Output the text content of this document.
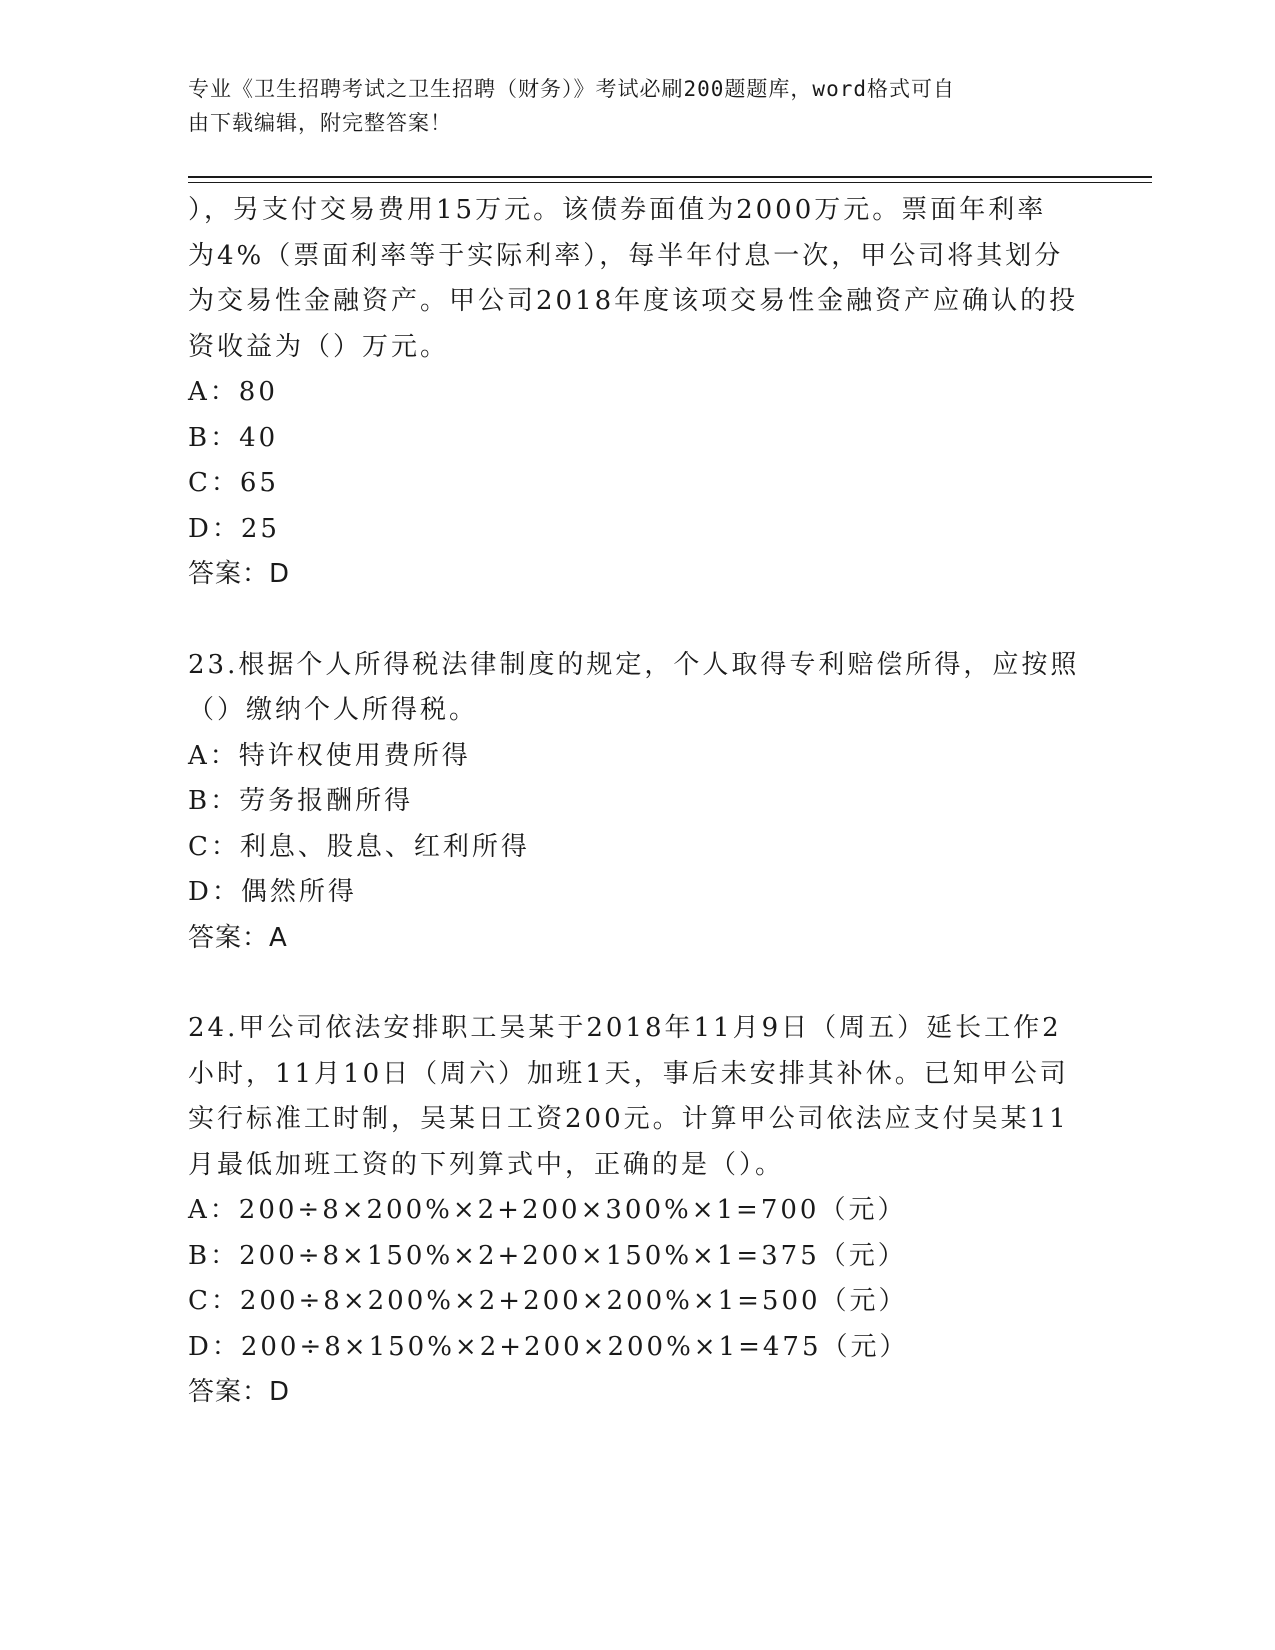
专业《卫生招聘考试之卫生招聘（财务）》考试必刷200题题库，word格式可自
由下载编辑，附完整答案！

），另支付交易费用15万元。该债券面值为2000万元。票面年利率

为4%（票面利率等于实际利率），每半年付息一次，甲公司将其划分

为交易性金融资产。甲公司2018年度该项交易性金融资产应确认的投

资收益为（）万元。

A：80

B：40

C：65

D：25

答案：D

23.根据个人所得税法律制度的规定，个人取得专利赔偿所得，应按照

（）缴纳个人所得税。

A：特许权使用费所得

B：劳务报酬所得

C：利息、股息、红利所得

D：偶然所得

答案：A

24.甲公司依法安排职工吴某于2018年11月9日（周五）延长工作2

小时，11月10日（周六）加班1天，事后未安排其补休。已知甲公司

实行标准工时制，吴某日工资200元。计算甲公司依法应支付吴某11

月最低加班工资的下列算式中，正确的是（）。

A：200÷8×200%×2+200×300%×1=700（元）

B：200÷8×150%×2+200×150%×1=375（元）

C：200÷8×200%×2+200×200%×1=500（元）

D：200÷8×150%×2+200×200%×1=475（元）

答案：D
